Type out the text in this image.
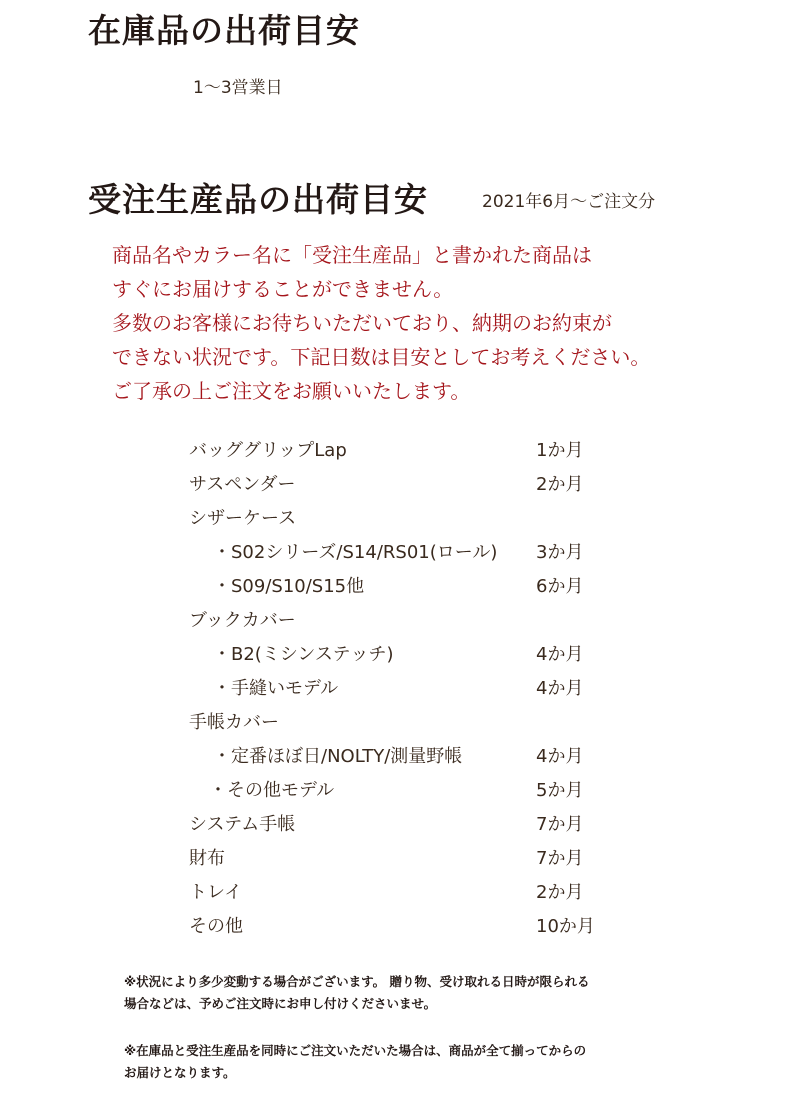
在庫品の出荷目安
1〜3営業日
受注生産品の出荷目安	2021年6月〜ご注文分
商品名やカラー名に「受注生産品」と書かれた商品は
すぐにお届けすることができません。
多数のお客様にお待ちいただいており、納期のお約束が
できない状況です。下記日数は目安としてお考えください。
ご了承の上ご注文をお願いいたします。
バッググリップLap	1か月
サスペンダー	2か月
シザーケース
・S02シリーズ/S14/RS01(ロール) 3か月
・S09/S10/S15他	6か月
ブックカバー
・B2(ミシンステッチ)	4か月
・手縫いモデル	4か月
手帳カバー
・定番ほぼ日/NOLTY/測量野帳	4か月
・その他モデル	5か月
システム手帳	7か月
財布	7か月
トレイ	2か月
その他	10か月
※状況により多少変動する場合がございます。 贈り物、受け取れる日時が限られる
場合などは、予めご注文時にお申し付けくださいませ。
※在庫品と受注生産品を同時にご注文いただいた場合は、商品が全て揃ってからの
お届けとなります。
